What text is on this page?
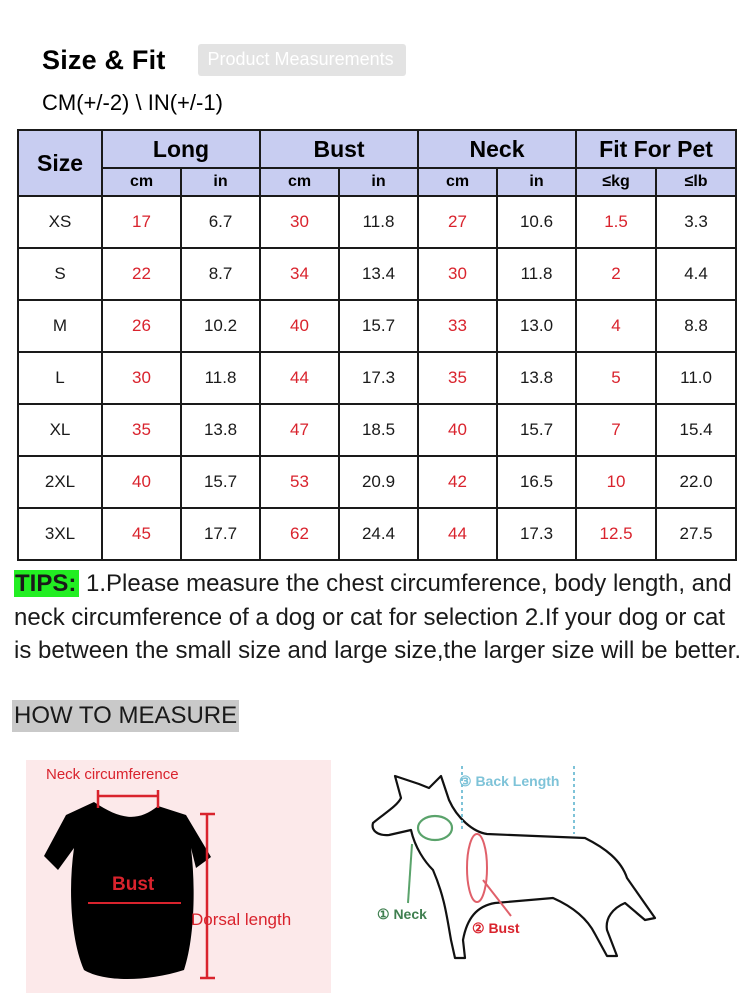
Size & Fit	Product Measurements
CM(+/-2) \ IN(+/-1)
Size	Long		Bust		Neck		Fit For Pet	
	cm	in	cm	in	cm	in	≤kg	≤lb
XS	17	6.7	30	11.8	27	10.6	1.5	3.3
S	22	8.7	34	13.4	30	11.8	2	4.4
M	26	10.2	40	15.7	33	13.0	4	8.8
L	30	11.8	44	17.3	35	13.8	5	11.0
XL	35	13.8	47	18.5	40	15.7	7	15.4
2XL	40	15.7	53	20.9	42	16.5	10	22.0
3XL	45	17.7	62	24.4	44	17.3	12.5	27.5
TIPS: 1.Please measure the chest circumference, body length, and neck circumference of a dog or cat for selection 2.If your dog or cat is between the small size and large size,the larger size will be better.
HOW TO MEASURE
Neck circumference
Bust
Dorsal length
③ Back Length
① Neck
② Bust
